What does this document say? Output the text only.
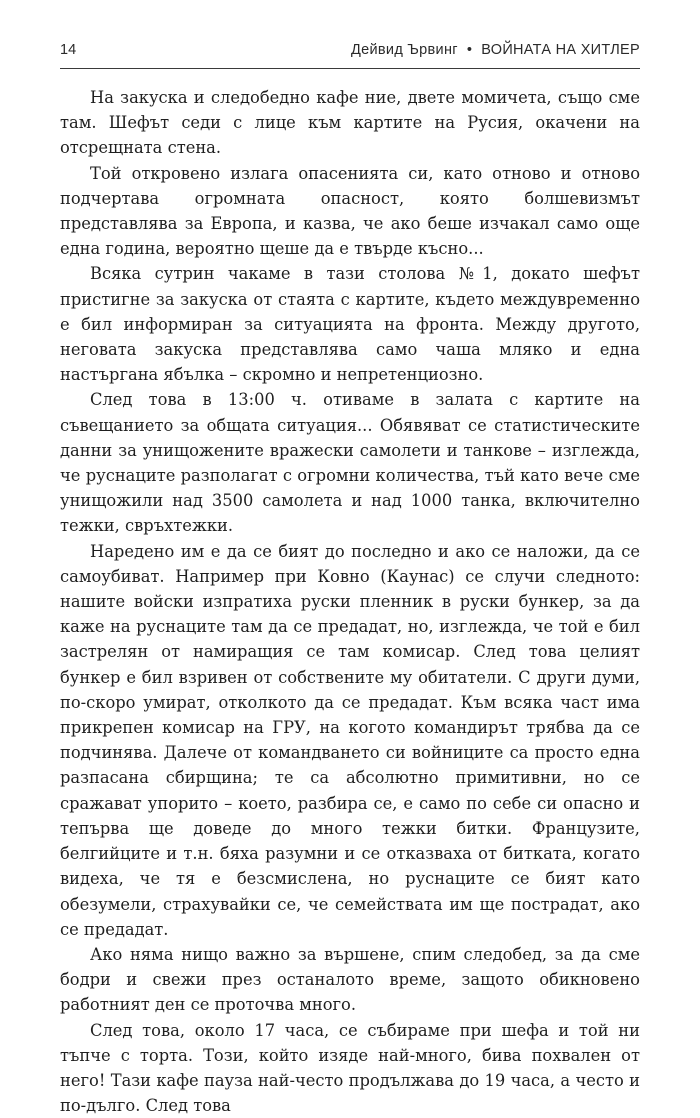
14	Дейвид Ървинг • ВОЙНАТА НА ХИТЛЕР

На закуска и следобедно кафе ние, двете момичета, също сме там. Шефът седи с лице към картите на Русия, окачени на отсрещната стена.

Той откровено излага опасенията си, като отново и отново подчертава огромната опасност, която болшевизмът представлява за Европа, и казва, че ако беше изчакал само още една година, вероятно щеше да е твърде късно...

Всяка сутрин чакаме в тази столова №1, докато шефът пристигне за закуска от стаята с картите, където междувременно е бил информиран за ситуацията на фронта. Между другото, неговата закуска представлява само чаша мляко и една настъргана ябълка – скромно и непретенциозно.

След това в 13:00 ч. отиваме в залата с картите на съвещанието за общата ситуация... Обявяват се статистическите данни за унищожените вражески самолети и танкове – изглежда, че руснаците разполагат с огромни количества, тъй като вече сме унищожили над 3500 самолета и над 1000 танка, включително тежки, свръхтежки.

Наредено им е да се бият до последно и ако се наложи, да се самоубиват. Например при Ковно (Каунас) се случи следното: нашите войски изпратиха руски пленник в руски бункер, за да каже на руснаците там да се предадат, но, изглежда, че той е бил застрелян от намиращия се там комисар. След това целият бункер е бил взривен от собствените му обитатели. С други думи, по-скоро умират, отколкото да се предадат. Към всяка част има прикрепен комисар на ГРУ, на когото командирът трябва да се подчинява. Далече от командването си войниците са просто една разпасана сбирщина; те са абсолютно примитивни, но се сражават упорито – което, разбира се, е само по себе си опасно и тепърва ще доведе до много тежки битки. Французите, белгийците и т.н. бяха разумни и се отказваха от битката, когато видеха, че тя е безсмислена, но руснаците се бият като обезумели, страхувайки се, че семействата им ще пострадат, ако се предадат.

Ако няма нищо важно за вършене, спим следобед, за да сме бодри и свежи през останалото време, защото обикновено работният ден се проточва много.

След това, около 17 часа, се събираме при шефа и той ни тъпче с торта. Този, който изяде най-много, бива похвален от него! Тази кафе пауза най-често продължава до 19 часа, а често и по-дълго. След това
